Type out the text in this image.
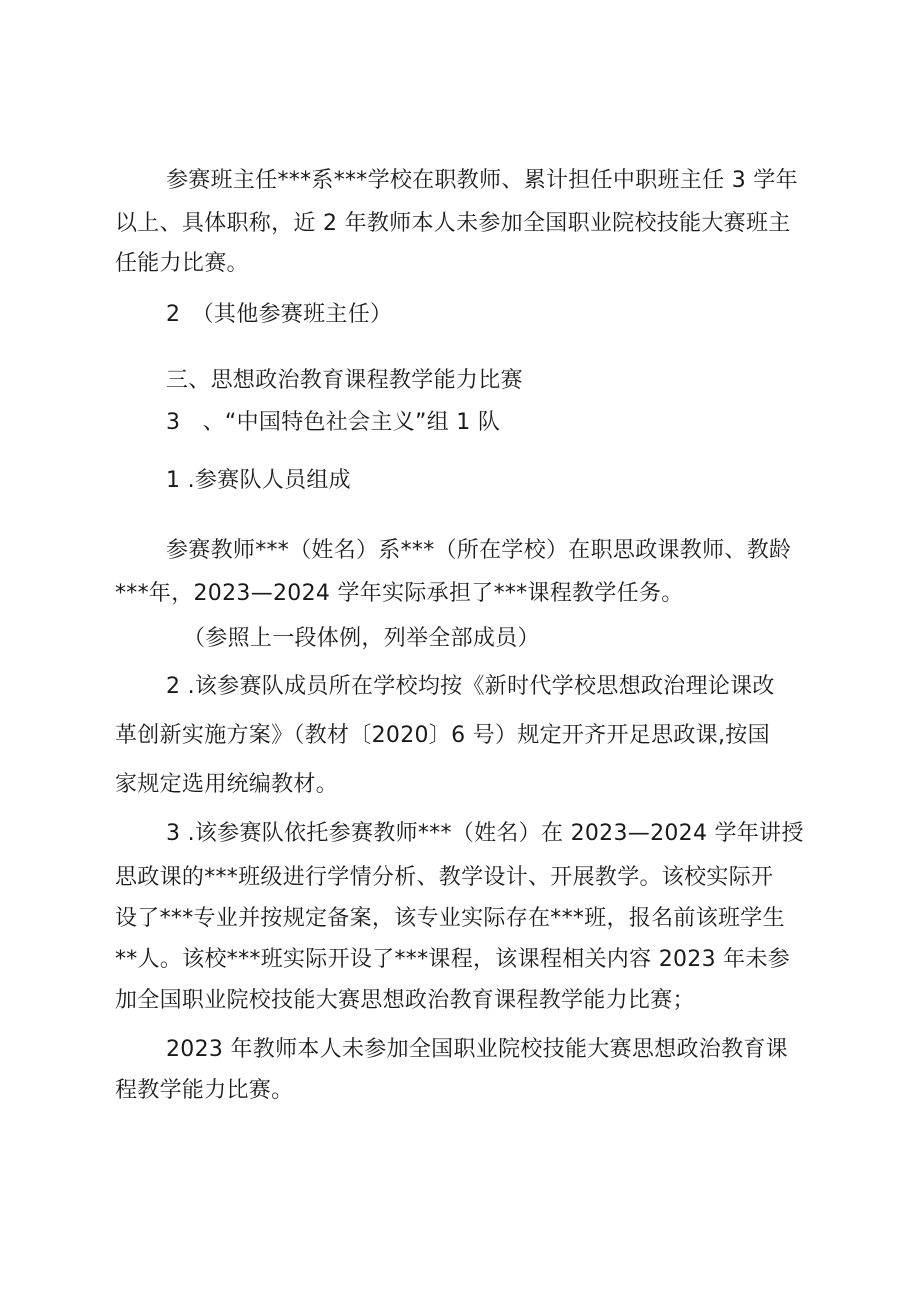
参赛班主任***系***学校在职教师、累计担任中职班主任 3 学年
以上、具体职称，近 2 年教师本人未参加全国职业院校技能大赛班主
任能力比赛。
2　（其他参赛班主任）
三、思想政治教育课程教学能力比赛
3　、“中国特色社会主义”组 1 队
1 .参赛队人员组成
参赛教师***（姓名）系***（所在学校）在职思政课教师、教龄
***年，2023—2024 学年实际承担了***课程教学任务。
（参照上一段体例，列举全部成员）
2 .该参赛队成员所在学校均按《新时代学校思想政治理论课改
革创新实施方案》（教材〔2020〕6 号）规定开齐开足思政课,按国
家规定选用统编教材。
3 .该参赛队依托参赛教师***（姓名）在 2023—2024 学年讲授
思政课的***班级进行学情分析、教学设计、开展教学。该校实际开
设了***专业并按规定备案，该专业实际存在***班，报名前该班学生
**人。该校***班实际开设了***课程，该课程相关内容 2023 年未参
加全国职业院校技能大赛思想政治教育课程教学能力比赛；
2023 年教师本人未参加全国职业院校技能大赛思想政治教育课
程教学能力比赛。
